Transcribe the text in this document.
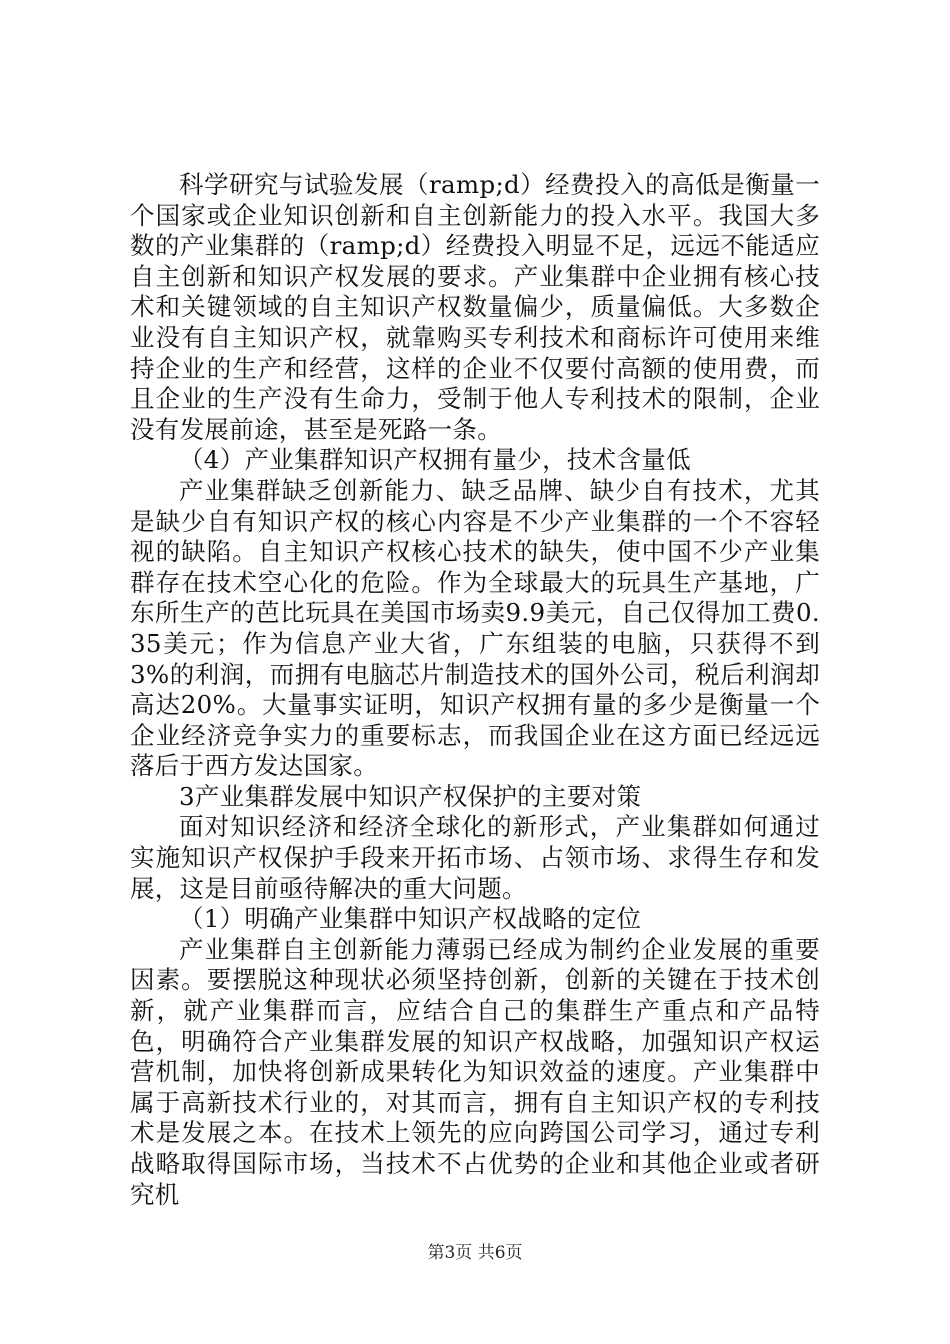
科学研究与试验发展（ramp;d）经费投入的高低是衡量一个国家或企业知识创新和自主创新能力的投入水平。我国大多数的产业集群的（ramp;d）经费投入明显不足，远远不能适应自主创新和知识产权发展的要求。产业集群中企业拥有核心技术和关键领域的自主知识产权数量偏少，质量偏低。大多数企业没有自主知识产权，就靠购买专利技术和商标许可使用来维持企业的生产和经营，这样的企业不仅要付高额的使用费，而且企业的生产没有生命力，受制于他人专利技术的限制，企业没有发展前途，甚至是死路一条。

（4）产业集群知识产权拥有量少，技术含量低

产业集群缺乏创新能力、缺乏品牌、缺少自有技术，尤其是缺少自有知识产权的核心内容是不少产业集群的一个不容轻视的缺陷。自主知识产权核心技术的缺失，使中国不少产业集群存在技术空心化的危险。作为全球最大的玩具生产基地，广东所生产的芭比玩具在美国市场卖9.9美元，自己仅得加工费0.35美元；作为信息产业大省，广东组装的电脑，只获得不到3%的利润，而拥有电脑芯片制造技术的国外公司，税后利润却高达20%。大量事实证明，知识产权拥有量的多少是衡量一个企业经济竞争实力的重要标志，而我国企业在这方面已经远远落后于西方发达国家。

3产业集群发展中知识产权保护的主要对策

面对知识经济和经济全球化的新形式，产业集群如何通过实施知识产权保护手段来开拓市场、占领市场、求得生存和发展，这是目前亟待解决的重大问题。

（1）明确产业集群中知识产权战略的定位

产业集群自主创新能力薄弱已经成为制约企业发展的重要因素。要摆脱这种现状必须坚持创新，创新的关键在于技术创新，就产业集群而言，应结合自己的集群生产重点和产品特色，明确符合产业集群发展的知识产权战略，加强知识产权运营机制，加快将创新成果转化为知识效益的速度。产业集群中属于高新技术行业的，对其而言，拥有自主知识产权的专利技术是发展之本。在技术上领先的应向跨国公司学习，通过专利战略取得国际市场，当技术不占优势的企业和其他企业或者研究机

第3页 共6页
